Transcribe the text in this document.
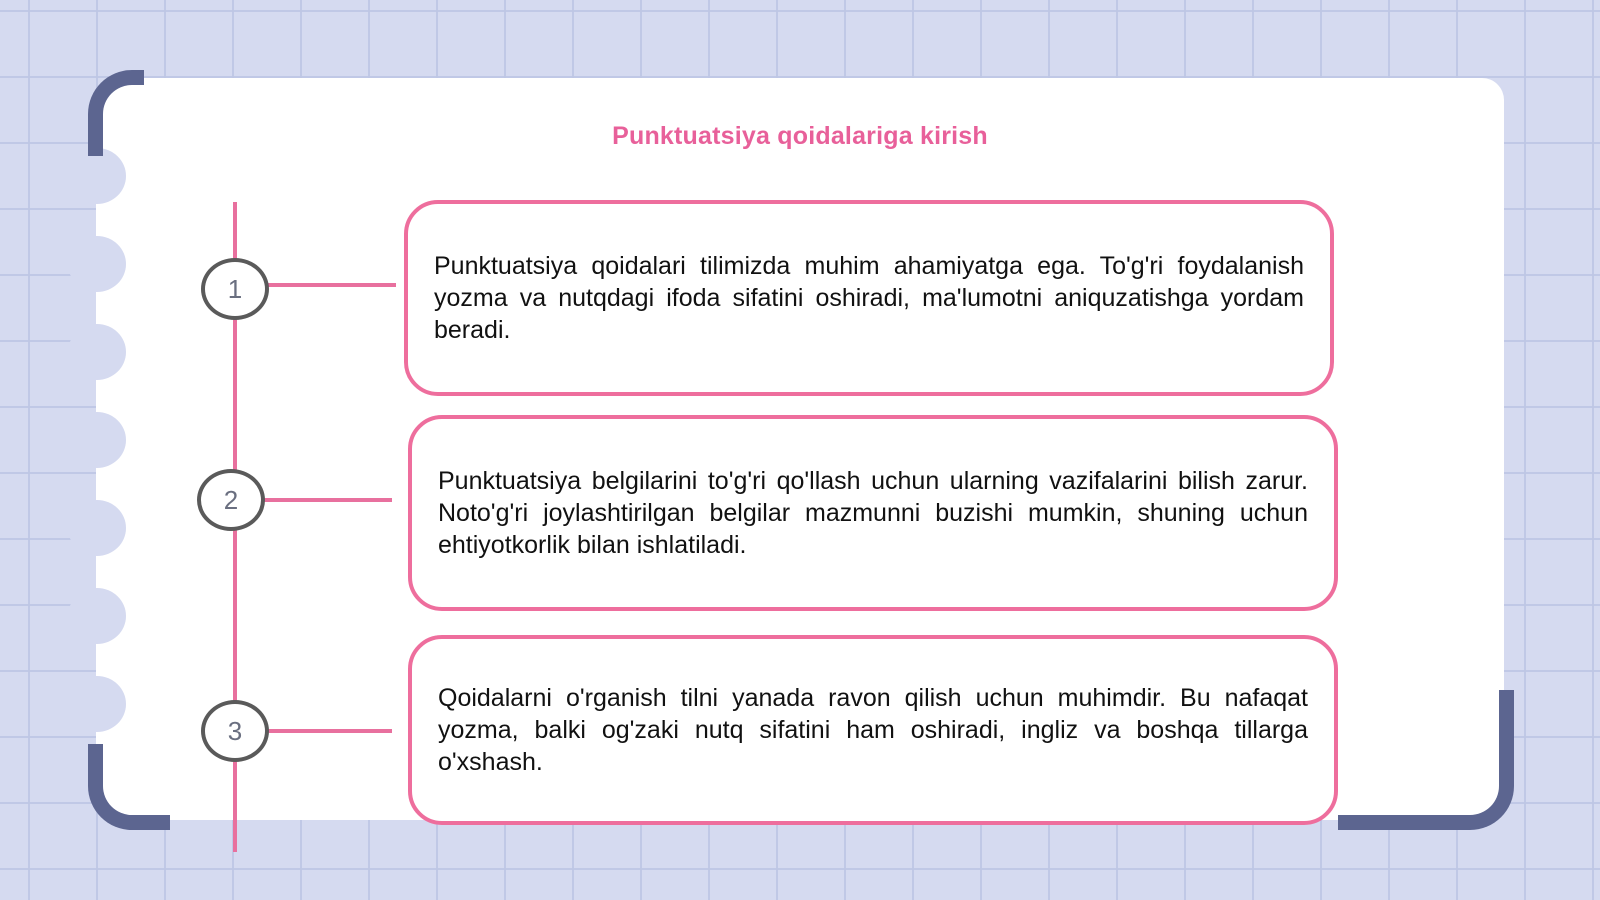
Punktuatsiya qoidalariga kirish
1
2
3
Punktuatsiya qoidalari tilimizda muhim ahamiyatga ega. To'g'ri foydalanish yozma va nutqdagi ifoda sifatini oshiradi, ma'lumotni aniquzatishga yordam beradi.
Punktuatsiya belgilarini to'g'ri qo'llash uchun ularning vazifalarini bilish zarur. Noto'g'ri joylashtirilgan belgilar mazmunni buzishi mumkin, shuning uchun ehtiyotkorlik bilan ishlatiladi.
Qoidalarni o'rganish tilni yanada ravon qilish uchun muhimdir. Bu nafaqat yozma, balki og'zaki nutq sifatini ham oshiradi, ingliz va boshqa tillarga o'xshash.
